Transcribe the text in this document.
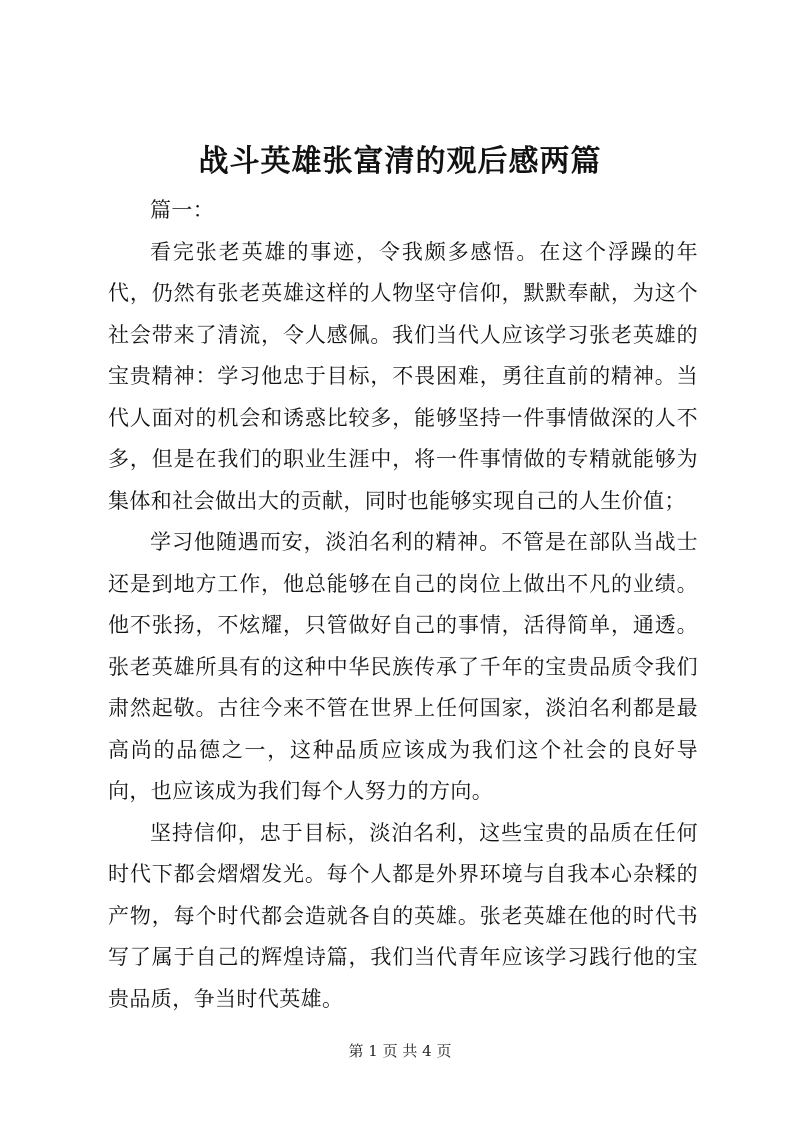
战斗英雄张富清的观后感两篇

篇一：

看完张老英雄的事迹，令我颇多感悟。在这个浮躁的年代，仍然有张老英雄这样的人物坚守信仰，默默奉献，为这个社会带来了清流，令人感佩。我们当代人应该学习张老英雄的宝贵精神：学习他忠于目标，不畏困难，勇往直前的精神。当代人面对的机会和诱惑比较多，能够坚持一件事情做深的人不多，但是在我们的职业生涯中，将一件事情做的专精就能够为集体和社会做出大的贡献，同时也能够实现自己的人生价值；

学习他随遇而安，淡泊名利的精神。不管是在部队当战士还是到地方工作，他总能够在自己的岗位上做出不凡的业绩。他不张扬，不炫耀，只管做好自己的事情，活得简单，通透。张老英雄所具有的这种中华民族传承了千年的宝贵品质令我们肃然起敬。古往今来不管在世界上任何国家，淡泊名利都是最高尚的品德之一，这种品质应该成为我们这个社会的良好导向，也应该成为我们每个人努力的方向。

坚持信仰，忠于目标，淡泊名利，这些宝贵的品质在任何时代下都会熠熠发光。每个人都是外界环境与自我本心杂糅的产物，每个时代都会造就各自的英雄。张老英雄在他的时代书写了属于自己的辉煌诗篇，我们当代青年应该学习践行他的宝贵品质，争当时代英雄。

第 1 页 共 4 页
